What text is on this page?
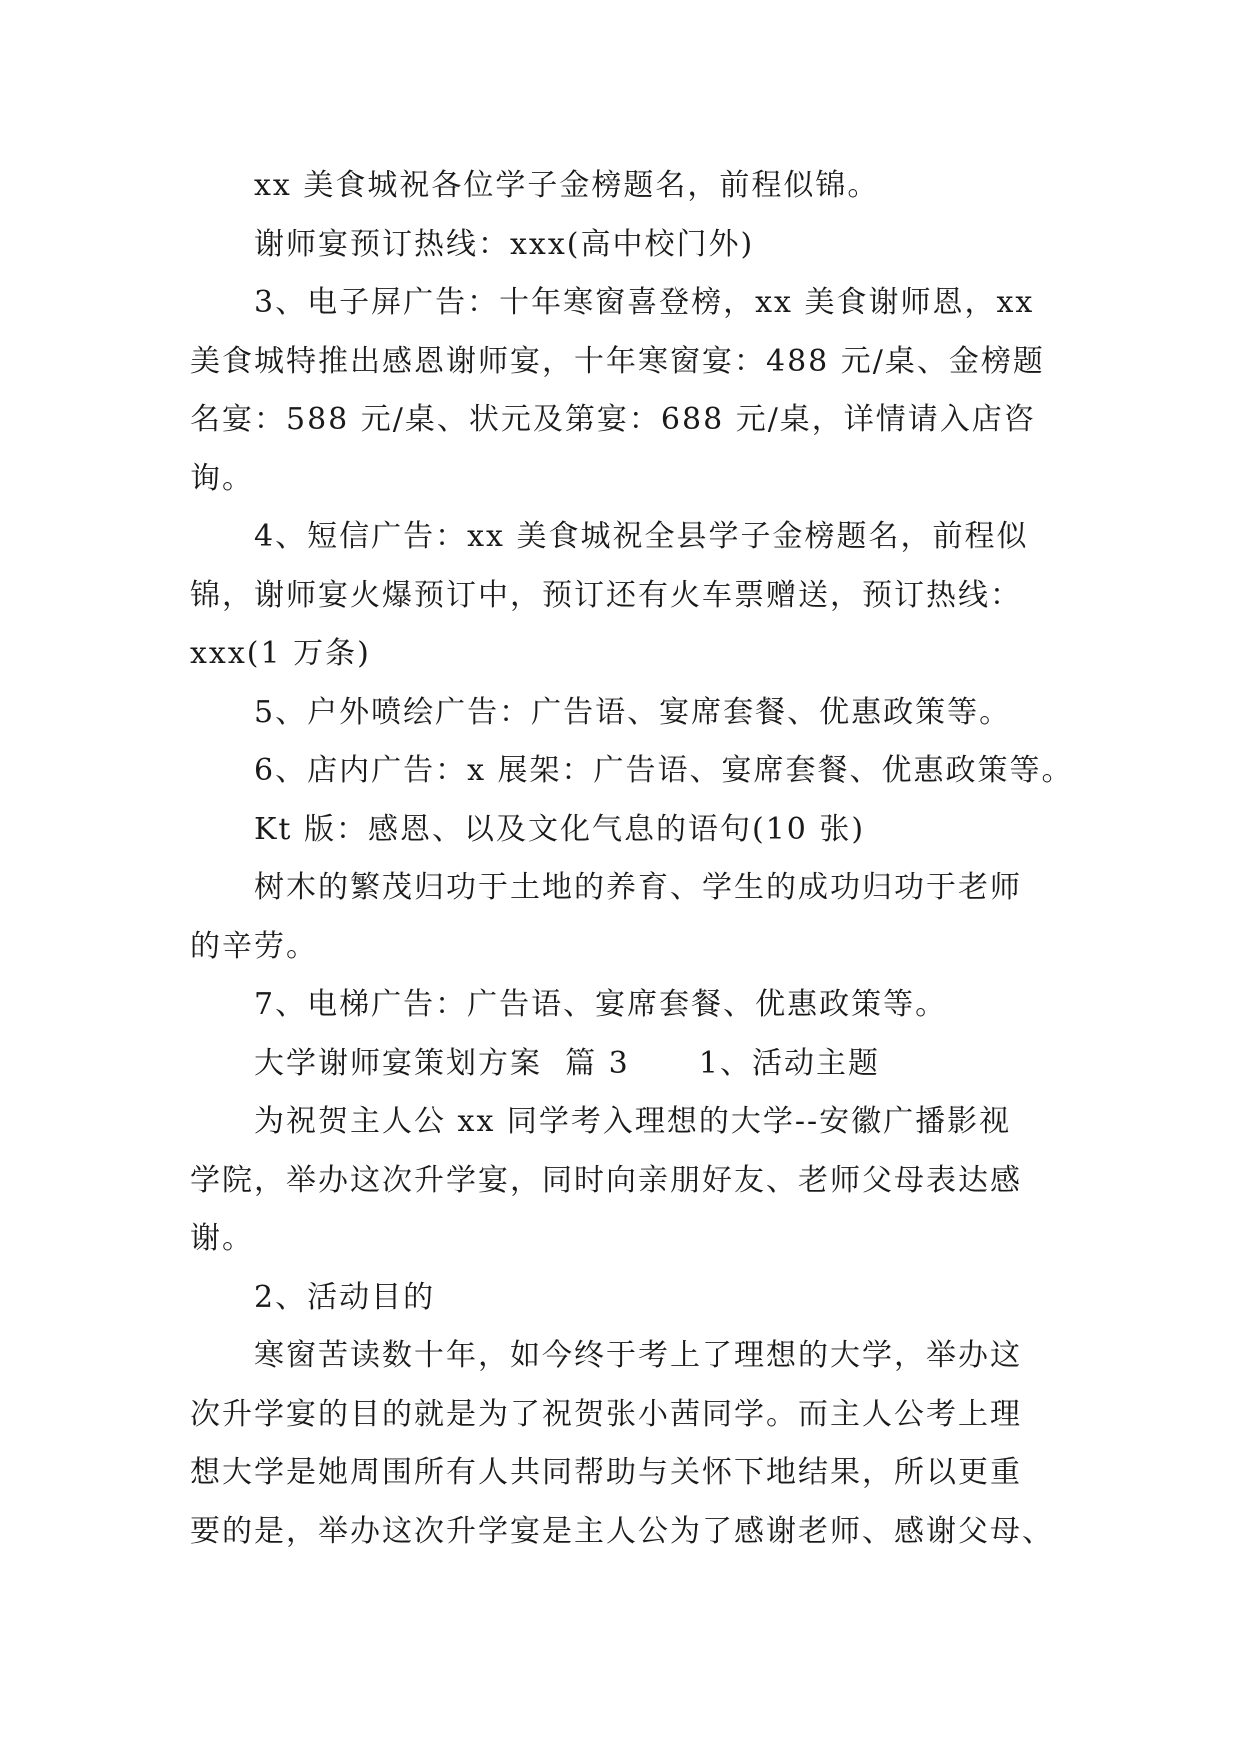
xx 美食城祝各位学子金榜题名，前程似锦。
谢师宴预订热线：xxx(高中校门外)
3、电子屏广告：十年寒窗喜登榜，xx 美食谢师恩，xx
美食城特推出感恩谢师宴，十年寒窗宴：488 元/桌、金榜题
名宴：588 元/桌、状元及第宴：688 元/桌，详情请入店咨
询。
4、短信广告：xx 美食城祝全县学子金榜题名，前程似
锦，谢师宴火爆预订中，预订还有火车票赠送，预订热线：
xxx(1 万条)
5、户外喷绘广告：广告语、宴席套餐、优惠政策等。
6、店内广告：x 展架：广告语、宴席套餐、优惠政策等。
Kt 版：感恩、以及文化气息的语句(10 张)
树木的繁茂归功于土地的养育、学生的成功归功于老师
的辛劳。
7、电梯广告：广告语、宴席套餐、优惠政策等。
大学谢师宴策划方案  篇 3      1、活动主题
为祝贺主人公 xx 同学考入理想的大学--安徽广播影视
学院，举办这次升学宴，同时向亲朋好友、老师父母表达感
谢。
2、活动目的
寒窗苦读数十年，如今终于考上了理想的大学，举办这
次升学宴的目的就是为了祝贺张小茜同学。而主人公考上理
想大学是她周围所有人共同帮助与关怀下地结果，所以更重
要的是，举办这次升学宴是主人公为了感谢老师、感谢父母、
